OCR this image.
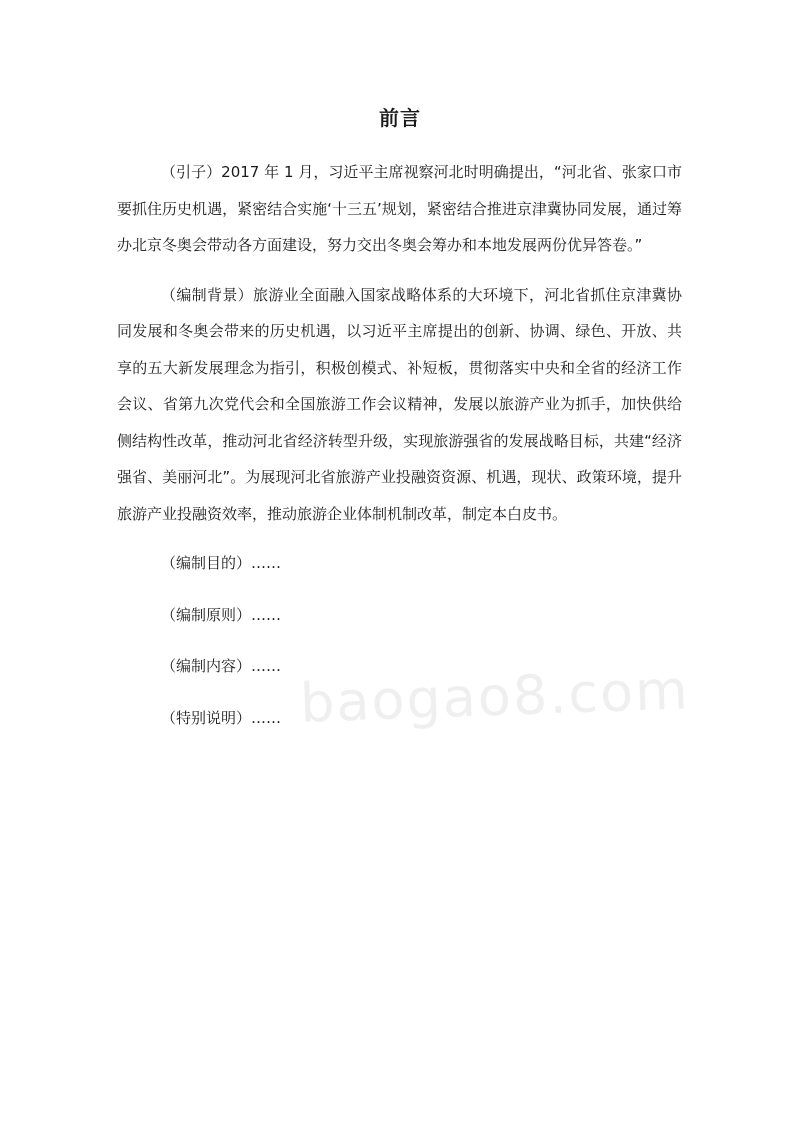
前言

（引子）2017 年 1 月，习近平主席视察河北时明确提出，“河北省、张家口市要抓住历史机遇，紧密结合实施‘十三五’规划，紧密结合推进京津冀协同发展，通过筹办北京冬奥会带动各方面建设，努力交出冬奥会筹办和本地发展两份优异答卷。”

（编制背景）旅游业全面融入国家战略体系的大环境下，河北省抓住京津冀协同发展和冬奥会带来的历史机遇，以习近平主席提出的创新、协调、绿色、开放、共享的五大新发展理念为指引，积极创模式、补短板，贯彻落实中央和全省的经济工作会议、省第九次党代会和全国旅游工作会议精神，发展以旅游产业为抓手，加快供给侧结构性改革，推动河北省经济转型升级，实现旅游强省的发展战略目标，共建“经济强省、美丽河北”。为展现河北省旅游产业投融资资源、机遇，现状、政策环境，提升旅游产业投融资效率，推动旅游企业体制机制改革，制定本白皮书。

（编制目的）……

（编制原则）……

（编制内容）……

（特别说明）…… baogao8.com
